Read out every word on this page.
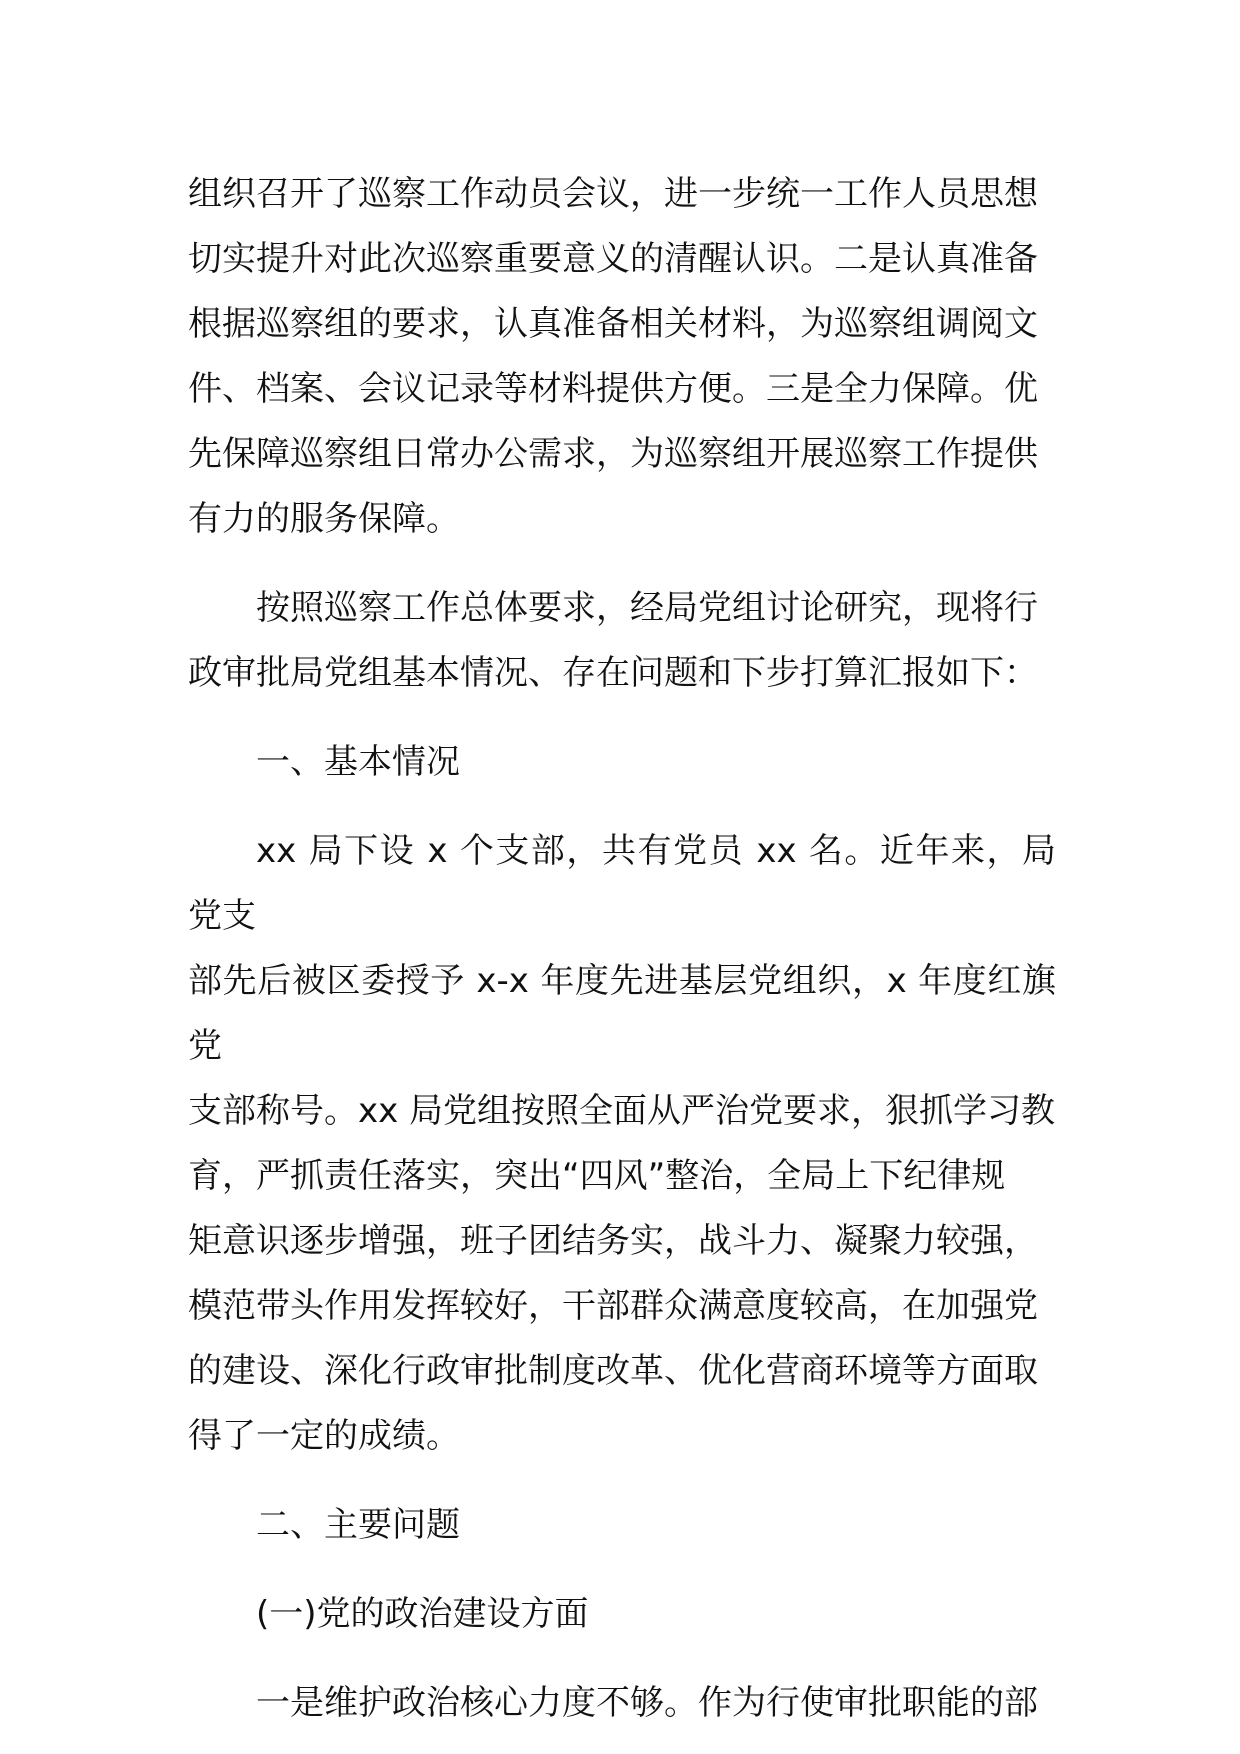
组织召开了巡察工作动员会议，进一步统一工作人员思想
切实提升对此次巡察重要意义的清醒认识。二是认真准备
根据巡察组的要求，认真准备相关材料，为巡察组调阅文
件、档案、会议记录等材料提供方便。三是全力保障。优
先保障巡察组日常办公需求，为巡察组开展巡察工作提供
有力的服务保障。
按照巡察工作总体要求，经局党组讨论研究，现将行
政审批局党组基本情况、存在问题和下步打算汇报如下：
一、基本情况
xx 局下设 x 个支部，共有党员 xx 名。近年来，局党支
部先后被区委授予 x-x 年度先进基层党组织，x 年度红旗党
支部称号。xx 局党组按照全面从严治党要求，狠抓学习教
育，严抓责任落实，突出“四风”整治，全局上下纪律规
矩意识逐步增强，班子团结务实，战斗力、凝聚力较强，
模范带头作用发挥较好，干部群众满意度较高，在加强党
的建设、深化行政审批制度改革、优化营商环境等方面取
得了一定的成绩。
二、主要问题
(一)党的政治建设方面
一是维护政治核心力度不够。作为行使审批职能的部
